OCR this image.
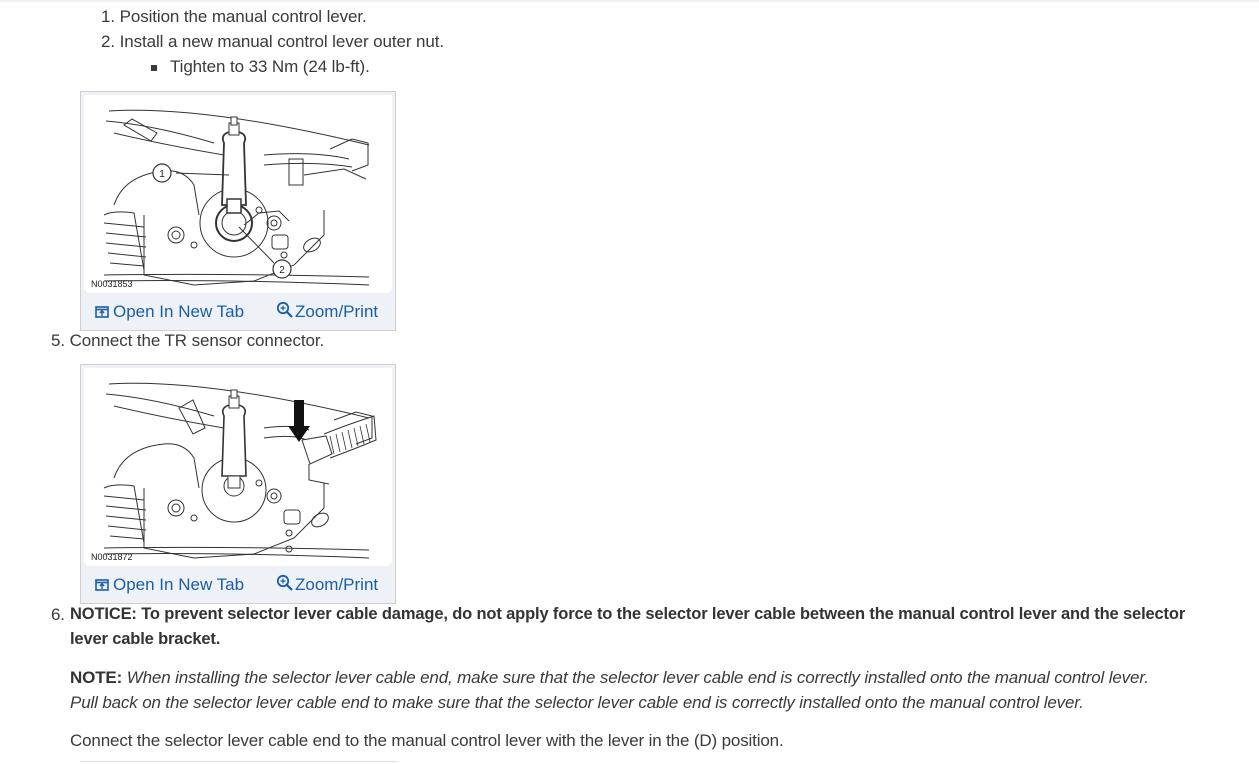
1. Position the manual control lever.
2. Install a new manual control lever outer nut.
Tighten to 33 Nm (24 lb-ft).
1
2
N0031853
Open In New Tab	Zoom/Print
5. Connect the TR sensor connector.
N0031872
Open In New Tab	Zoom/Print
6. NOTICE: To prevent selector lever cable damage, do not apply force to the selector lever cable between the manual control lever and the selector
lever cable bracket.
NOTE: When installing the selector lever cable end, make sure that the selector lever cable end is correctly installed onto the manual control lever.
Pull back on the selector lever cable end to make sure that the selector lever cable end is correctly installed onto the manual control lever.
Connect the selector lever cable end to the manual control lever with the lever in the (D) position.
